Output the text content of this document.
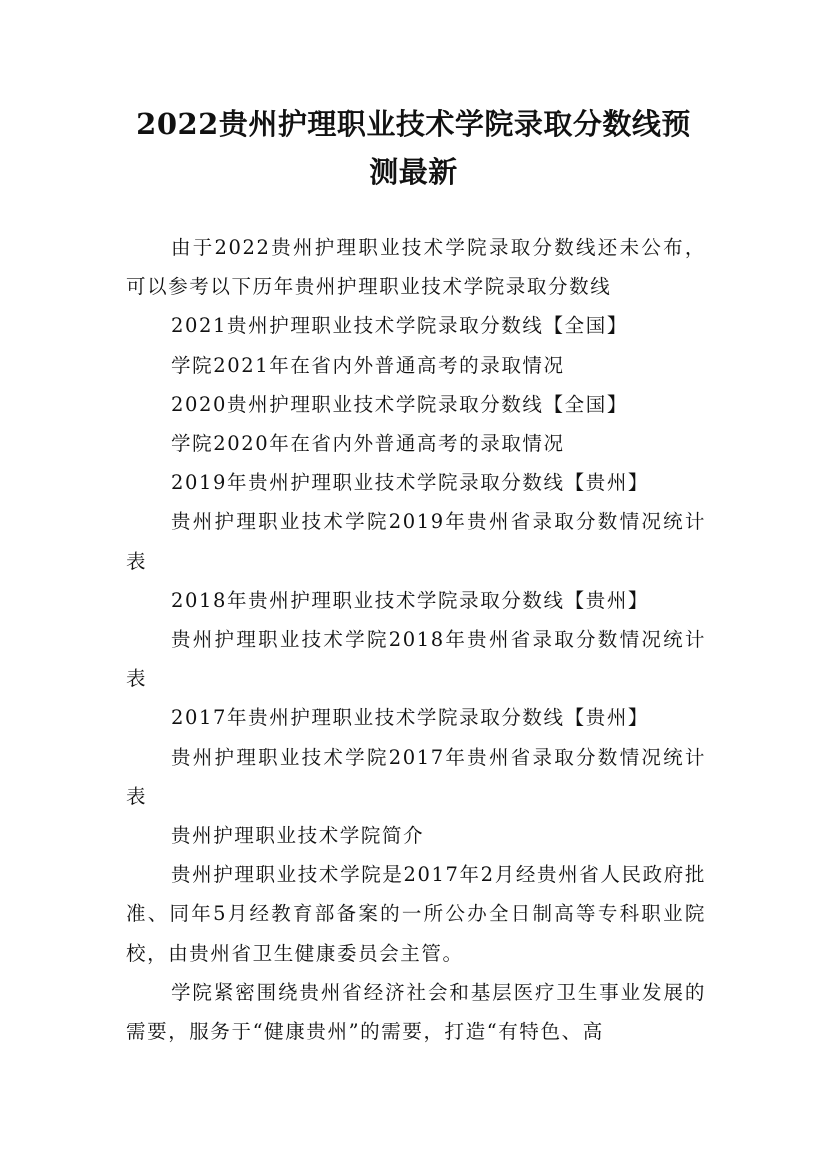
2022贵州护理职业技术学院录取分数线预
测最新

由于2022贵州护理职业技术学院录取分数线还未公布，可以参考以下历年贵州护理职业技术学院录取分数线

2021贵州护理职业技术学院录取分数线【全国】

学院2021年在省内外普通高考的录取情况

2020贵州护理职业技术学院录取分数线【全国】

学院2020年在省内外普通高考的录取情况

2019年贵州护理职业技术学院录取分数线【贵州】

贵州护理职业技术学院2019年贵州省录取分数情况统计表

2018年贵州护理职业技术学院录取分数线【贵州】

贵州护理职业技术学院2018年贵州省录取分数情况统计表

2017年贵州护理职业技术学院录取分数线【贵州】

贵州护理职业技术学院2017年贵州省录取分数情况统计表

贵州护理职业技术学院简介

贵州护理职业技术学院是2017年2月经贵州省人民政府批准、同年5月经教育部备案的一所公办全日制高等专科职业院校，由贵州省卫生健康委员会主管。

学院紧密围绕贵州省经济社会和基层医疗卫生事业发展的需要，服务于“健康贵州”的需要，打造“有特色、高
